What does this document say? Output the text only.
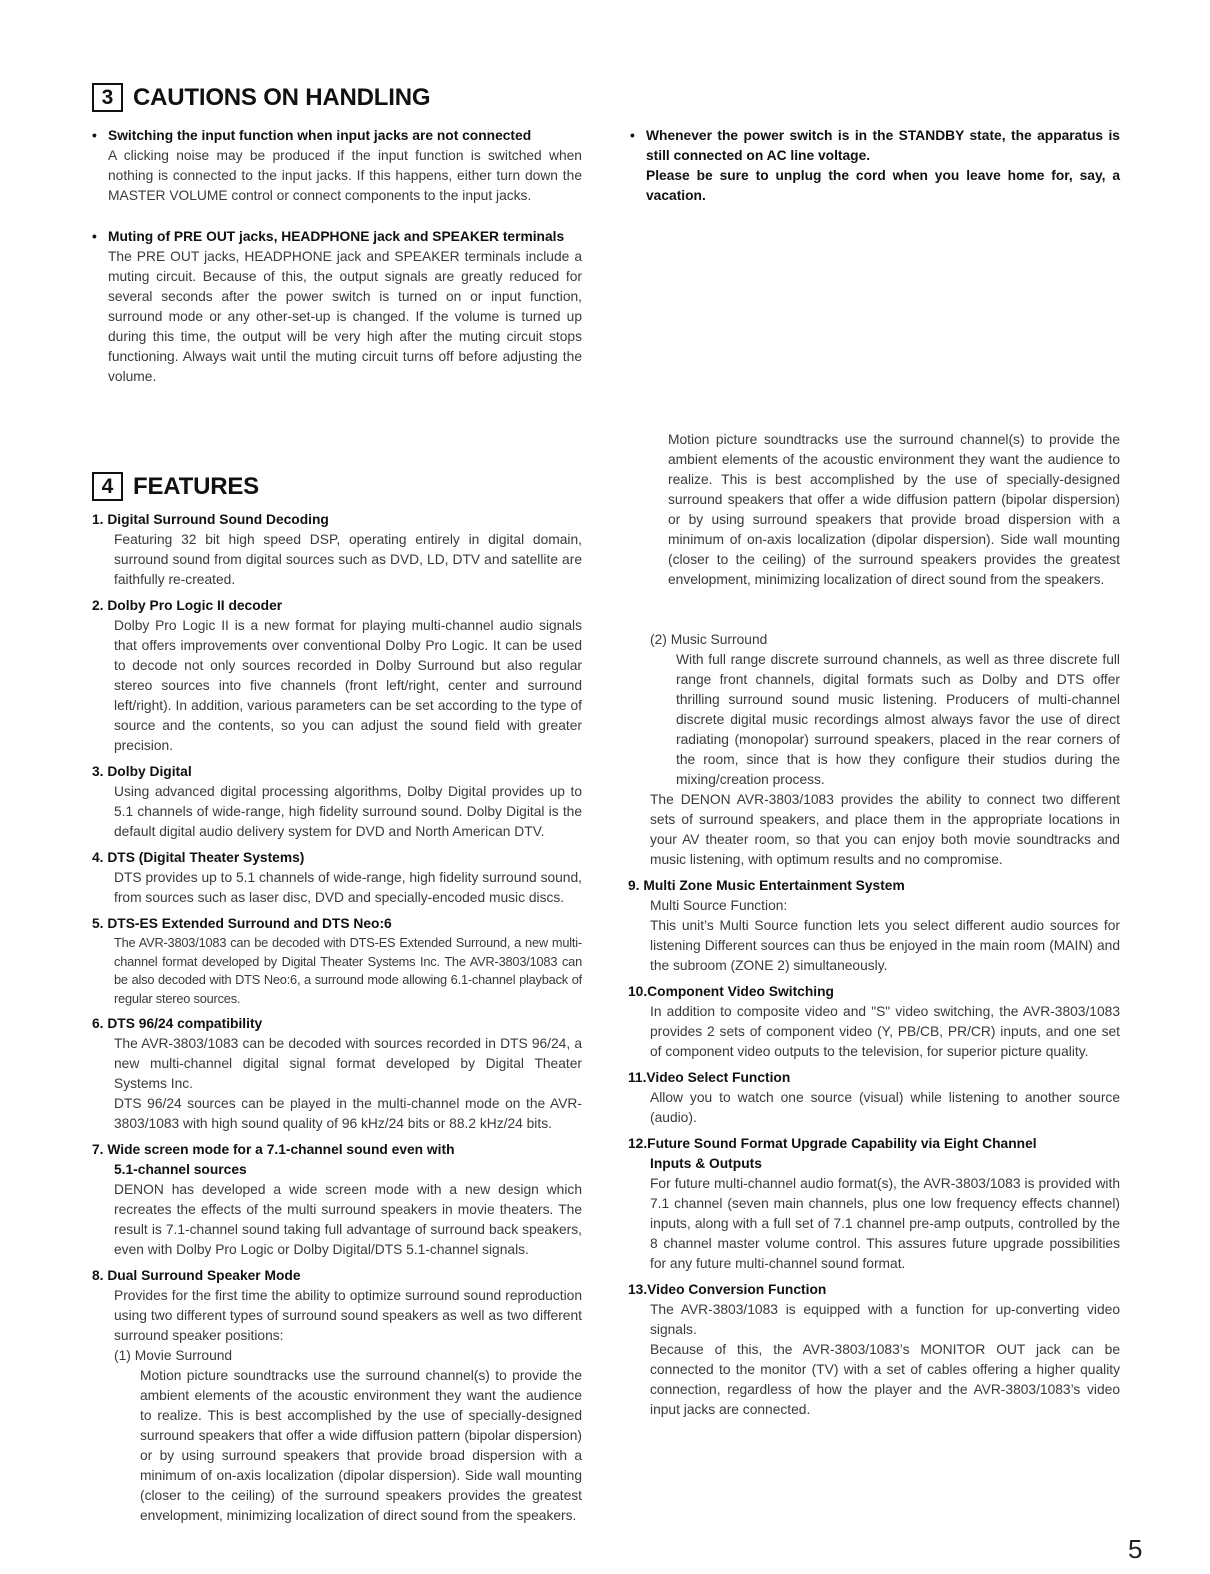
3 CAUTIONS ON HANDLING

• Switching the input function when input jacks are not connected

A clicking noise may be produced if the input function is switched when nothing is connected to the input jacks. If this happens, either turn down the MASTER VOLUME control or connect components to the input jacks.

• Muting of PRE OUT jacks, HEADPHONE jack and SPEAKER terminals

The PRE OUT jacks, HEADPHONE jack and SPEAKER terminals include a muting circuit. Because of this, the output signals are greatly reduced for several seconds after the power switch is turned on or input function, surround mode or any other-set-up is changed. If the volume is turned up during this time, the output will be very high after the muting circuit stops functioning. Always wait until the muting circuit turns off before adjusting the volume.

• Whenever the power switch is in the STANDBY state, the apparatus is still connected on AC line voltage.

Please be sure to unplug the cord when you leave home for, say, a vacation.

4 FEATURES

1. Digital Surround Sound Decoding

Featuring 32 bit high speed DSP, operating entirely in digital domain, surround sound from digital sources such as DVD, LD, DTV and satellite are faithfully re-created.

2. Dolby Pro Logic II decoder

Dolby Pro Logic II is a new format for playing multi-channel audio signals that offers improvements over conventional Dolby Pro Logic. It can be used to decode not only sources recorded in Dolby Surround but also regular stereo sources into five channels (front left/right, center and surround left/right). In addition, various parameters can be set according to the type of source and the contents, so you can adjust the sound field with greater precision.

3. Dolby Digital

Using advanced digital processing algorithms, Dolby Digital provides up to 5.1 channels of wide-range, high fidelity surround sound. Dolby Digital is the default digital audio delivery system for DVD and North American DTV.

4. DTS (Digital Theater Systems)

DTS provides up to 5.1 channels of wide-range, high fidelity surround sound, from sources such as laser disc, DVD and specially-encoded music discs.

5. DTS-ES Extended Surround and DTS Neo:6

The AVR-3803/1083 can be decoded with DTS-ES Extended Surround, a new multi-channel format developed by Digital Theater Systems Inc. The AVR-3803/1083 can be also decoded with DTS Neo:6, a surround mode allowing 6.1-channel playback of regular stereo sources.

6. DTS 96/24 compatibility

The AVR-3803/1083 can be decoded with sources recorded in DTS 96/24, a new multi-channel digital signal format developed by Digital Theater Systems Inc.

DTS 96/24 sources can be played in the multi-channel mode on the AVR-3803/1083 with high sound quality of 96 kHz/24 bits or 88.2 kHz/24 bits.

7. Wide screen mode for a 7.1-channel sound even with

5.1-channel sources

DENON has developed a wide screen mode with a new design which recreates the effects of the multi surround speakers in movie theaters. The result is 7.1-channel sound taking full advantage of surround back speakers, even with Dolby Pro Logic or Dolby Digital/DTS 5.1-channel signals.

8. Dual Surround Speaker Mode

Provides for the first time the ability to optimize surround sound reproduction using two different types of surround sound speakers as well as two different surround speaker positions:

(1) Movie Surround

Motion picture soundtracks use the surround channel(s) to provide the ambient elements of the acoustic environment they want the audience to realize. This is best accomplished by the use of specially-designed surround speakers that offer a wide diffusion pattern (bipolar dispersion) or by using surround speakers that provide broad dispersion with a minimum of on-axis localization (dipolar dispersion). Side wall mounting (closer to the ceiling) of the surround speakers provides the greatest envelopment, minimizing localization of direct sound from the speakers.

Motion picture soundtracks use the surround channel(s) to provide the ambient elements of the acoustic environment they want the audience to realize. This is best accomplished by the use of specially-designed surround speakers that offer a wide diffusion pattern (bipolar dispersion) or by using surround speakers that provide broad dispersion with a minimum of on-axis localization (dipolar dispersion). Side wall mounting (closer to the ceiling) of the surround speakers provides the greatest envelopment, minimizing localization of direct sound from the speakers.

(2) Music Surround

With full range discrete surround channels, as well as three discrete full range front channels, digital formats such as Dolby and DTS offer thrilling surround sound music listening. Producers of multi-channel discrete digital music recordings almost always favor the use of direct radiating (monopolar) surround speakers, placed in the rear corners of the room, since that is how they configure their studios during the mixing/creation process.

The DENON AVR-3803/1083 provides the ability to connect two different sets of surround speakers, and place them in the appropriate locations in your AV theater room, so that you can enjoy both movie soundtracks and music listening, with optimum results and no compromise.

9. Multi Zone Music Entertainment System

Multi Source Function:

This unit’s Multi Source function lets you select different audio sources for listening Different sources can thus be enjoyed in the main room (MAIN) and the subroom (ZONE 2) simultaneously.

10.Component Video Switching

In addition to composite video and "S" video switching, the AVR-3803/1083 provides 2 sets of component video (Y, PB/CB, PR/CR) inputs, and one set of component video outputs to the television, for superior picture quality.

11.Video Select Function

Allow you to watch one source (visual) while listening to another source (audio).

12.Future Sound Format Upgrade Capability via Eight Channel

Inputs & Outputs

For future multi-channel audio format(s), the AVR-3803/1083 is provided with 7.1 channel (seven main channels, plus one low frequency effects channel) inputs, along with a full set of 7.1 channel pre-amp outputs, controlled by the 8 channel master volume control. This assures future upgrade possibilities for any future multi-channel sound format.

13.Video Conversion Function

The AVR-3803/1083 is equipped with a function for up-converting video signals.

Because of this, the AVR-3803/1083’s MONITOR OUT jack can be connected to the monitor (TV) with a set of cables offering a higher quality connection, regardless of how the player and the AVR-3803/1083’s video input jacks are connected.

5
